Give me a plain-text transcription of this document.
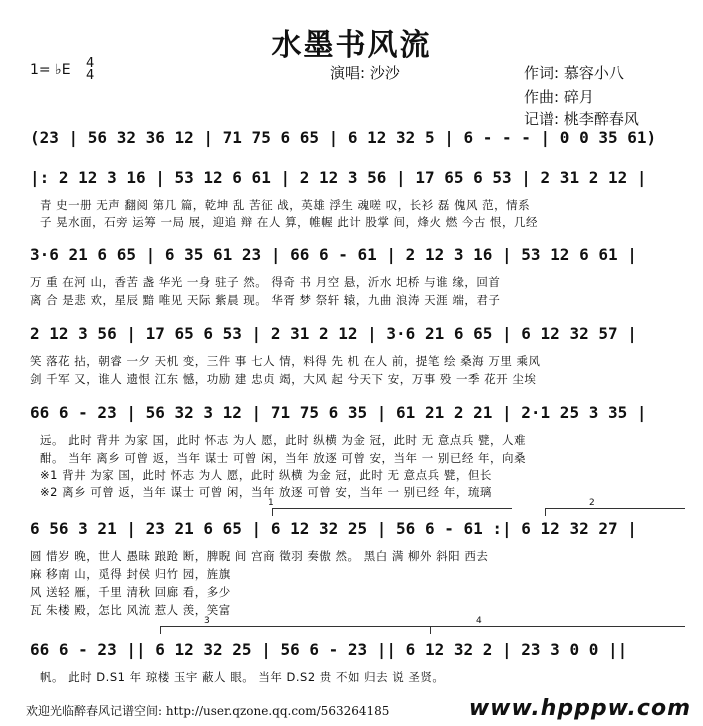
水墨书风流
1= ♭E 4
4	演唱: 沙沙	作词: 慕容小八
作曲: 碎月
记谱: 桃李醉春风
(23 | 56 32 36 12 | 71 75 6 65 | 6 12 32 5 | 6 - - - | 0 0 35 61)
|: 2 12 3 16 | 53 12 6 61 | 2 12 3 56 | 17 65 6 53 | 2 31 2 12 |
青 史一册 无声 翻阅 第几 篇，乾坤 乱 苦征 战，英雄 浮生 魂嗟 叹，长衫 磊 傀风 范，情系
子 晃水面，石旁 运筹 一局 展，迎追 辩 在人 算，帷幄 此计 股掌 间，烽火 燃 今古 恨，几经
3·6 21 6 65 | 6 35 61 23 | 66 6 - 61 | 2 12 3 16 | 53 12 6 61 |
万 重 在河 山，香苦 盏 华光 一身 驻子 然。 得奇 书 月空 悬，沂水 圯桥 与谁 缘，回首
离 合 是悲 欢，星辰 黯 唯见 天际 紫晨 现。 华胥 梦 祭轩 辕，九曲 浪涛 天涯 端，君子
2 12 3 56 | 17 65 6 53 | 2 31 2 12 | 3·6 21 6 65 | 6 12 32 57 |
笑 落花 拈，朝睿 一夕 天机 变，三件 事 七人 情，料得 先 机 在人 前，提笔 绘 桑海 万里 乘风
剑 千军 又，谁人 遗恨 江东 憾，功励 建 忠贞 竭，大风 起 兮天下 安，万事 殁 一季 花开 尘埃
66 6 - 23 | 56 32 3 12 | 71 75 6 35 | 61 21 2 21 | 2·1 25 3 35 |
远。 此时 背井 为家 国，此时 怀志 为人 愿，此时 纵横 为金 冠，此时 无 意点兵 甓，人难
酣。 当年 离乡 可曾 返，当年 谋士 可曾 闲，当年 放逐 可曾 安，当年 一 别已经 年，向桑
※1 背井 为家 国，此时 怀志 为人 愿，此时 纵横 为金 冠，此时 无 意点兵 甓，但长
※2 离乡 可曾 返，当年 谋士 可曾 闲，当年 放逐 可曾 安，当年 一 别已经 年，琉璃
1	2
6 56 3 21 | 23 21 6 65 | 6 12 32 25 | 56 6 - 61 :| 6 12 32 27 |
圆 惜岁 晚，世人 愚昧 踉跄 断，脾睨 间 宫商 徵羽 奏傲 然。 黑白 满 柳外 斜阳 西去
麻 移南 山，觅得 封侯 归竹 园，旌旗
风 送轻 雁，千里 清秋 回廊 看，多少
瓦 朱楼 殿，怎比 风流 惹人 羡，笑富
3	4
66 6 - 23 || 6 12 32 25 | 56 6 - 23 || 6 12 32 2 | 23 3 0 0 ||
帆。 此时 D.S1 年 琼楼 玉宇 蔽人 眼。 当年 D.S2 贵 不如 归去 说 圣贤。
欢迎光临醉春风记谱空间: http://user.qzone.qq.com/563264185	www.hpppw.com
